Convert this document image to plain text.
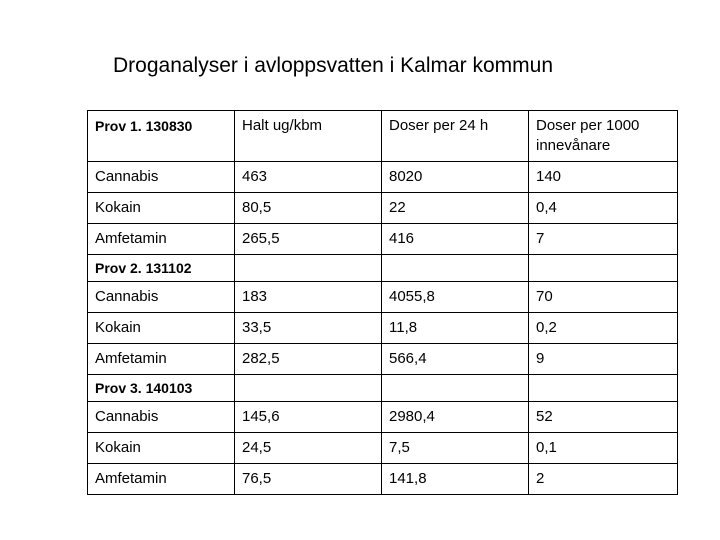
Droganalyser i avloppsvatten i Kalmar kommun
Prov 1. 130830	Halt ug/kbm	Doser per 24 h	Doser per 1000 innevånare
Cannabis	463	8020	140
Kokain	80,5	22	0,4
Amfetamin	265,5	416	7
Prov 2. 131102			
Cannabis	183	4055,8	70
Kokain	33,5	11,8	0,2
Amfetamin	282,5	566,4	9
Prov 3. 140103			
Cannabis	145,6	2980,4	52
Kokain	24,5	7,5	0,1
Amfetamin	76,5	141,8	2
